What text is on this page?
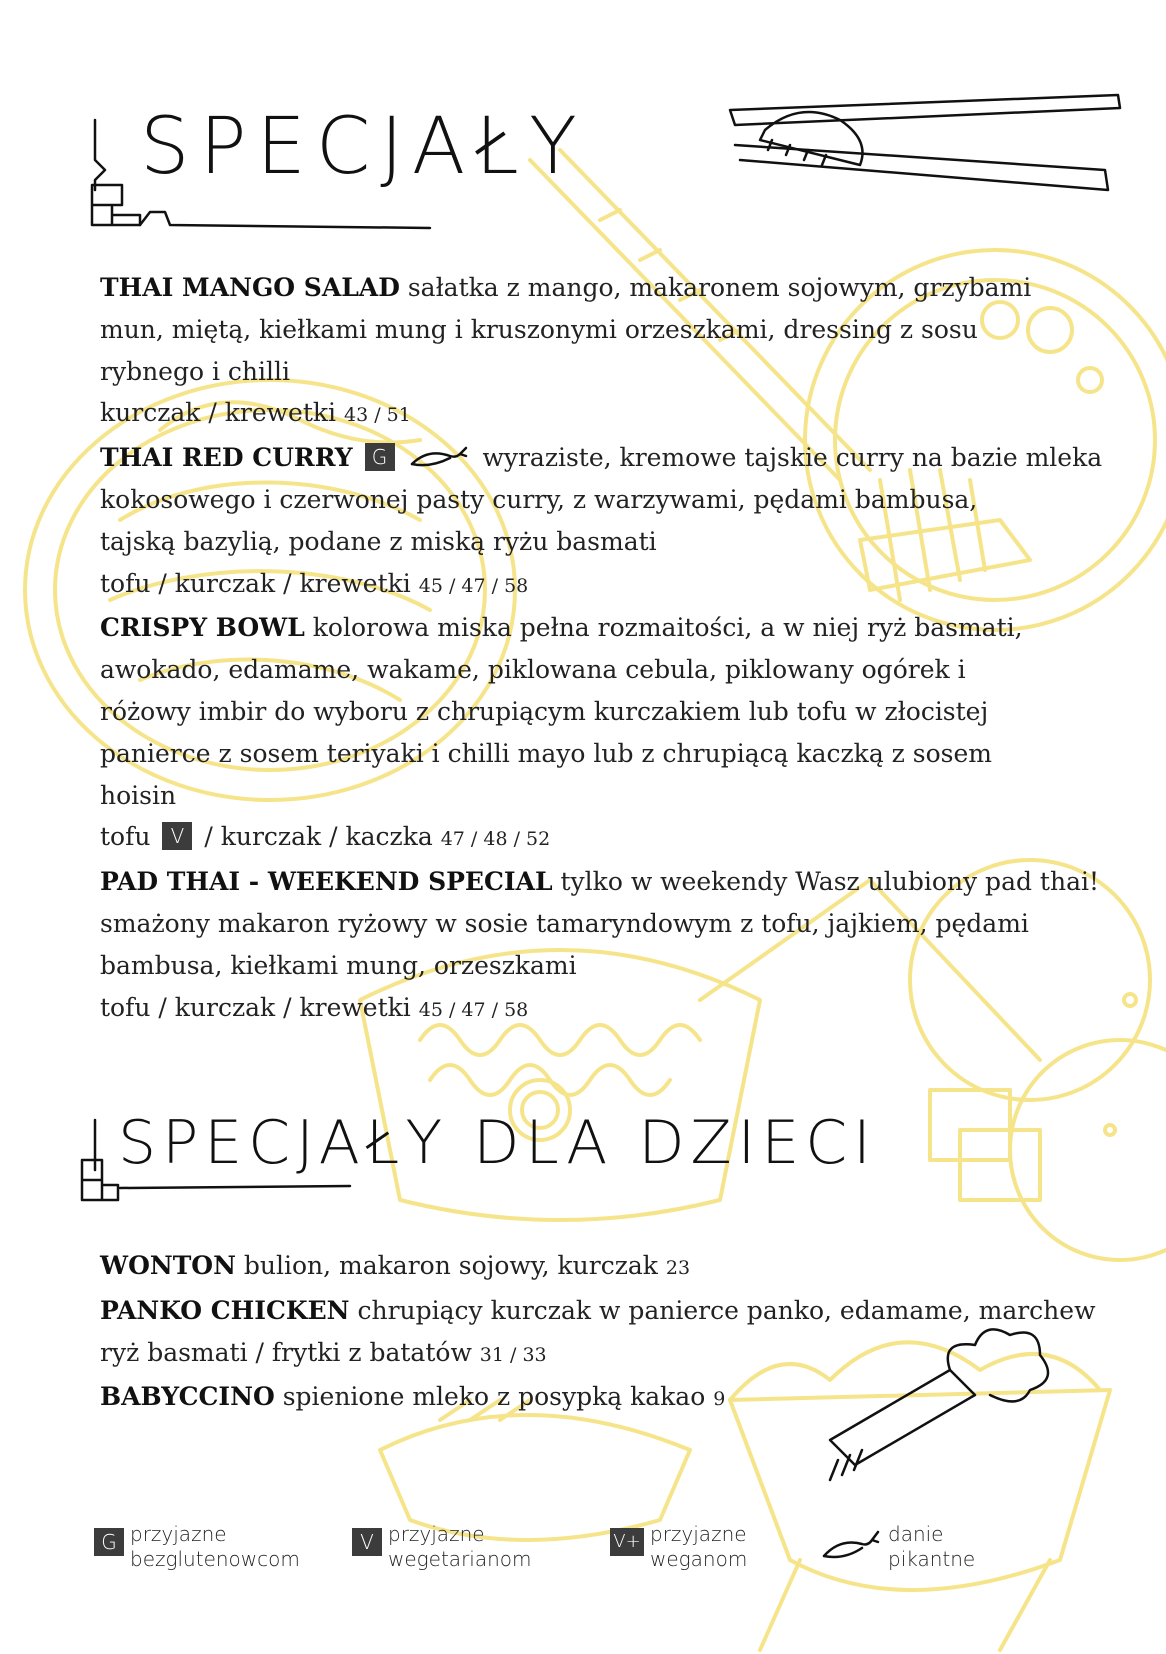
SPECJAŁY
SPECJAŁY DLA DZIECI
THAI MANGO SALAD sałatka z mango, makaronem sojowym, grzybami
mun, miętą, kiełkami mung i kruszonymi orzeszkami, dressing z sosu
rybnego i chilli
kurczak / krewetki 43 / 51
THAI RED CURRY G	wyraziste, kremowe tajskie curry na bazie mleka
kokosowego i czerwonej pasty curry, z warzywami, pędami bambusa,
tajską bazylią, podane z miską ryżu basmati
tofu / kurczak / krewetki 45 / 47 / 58
CRISPY BOWL kolorowa miska pełna rozmaitości, a w niej ryż basmati,
awokado, edamame, wakame, piklowana cebula, piklowany ogórek i
różowy imbir do wyboru z chrupiącym kurczakiem lub tofu w złocistej
panierce z sosem teriyaki i chilli mayo lub z chrupiącą kaczką z sosem
hoisin
tofu V / kurczak / kaczka 47 / 48 / 52
PAD THAI - WEEKEND SPECIAL tylko w weekendy Wasz ulubiony pad thai!
smażony makaron ryżowy w sosie tamaryndowym z tofu, jajkiem, pędami
bambusa, kiełkami mung, orzeszkami
tofu / kurczak / krewetki 45 / 47 / 58
WONTON bulion, makaron sojowy, kurczak 23
PANKO CHICKEN chrupiący kurczak w panierce panko, edamame, marchew
ryż basmati / frytki z batatów 31 / 33
BABYCCINO spienione mleko z posypką kakao 9
G przyjazne
bezglutenowcom
V przyjazne
wegetarianom
V+ przyjazne
weganom
danie
pikantne
